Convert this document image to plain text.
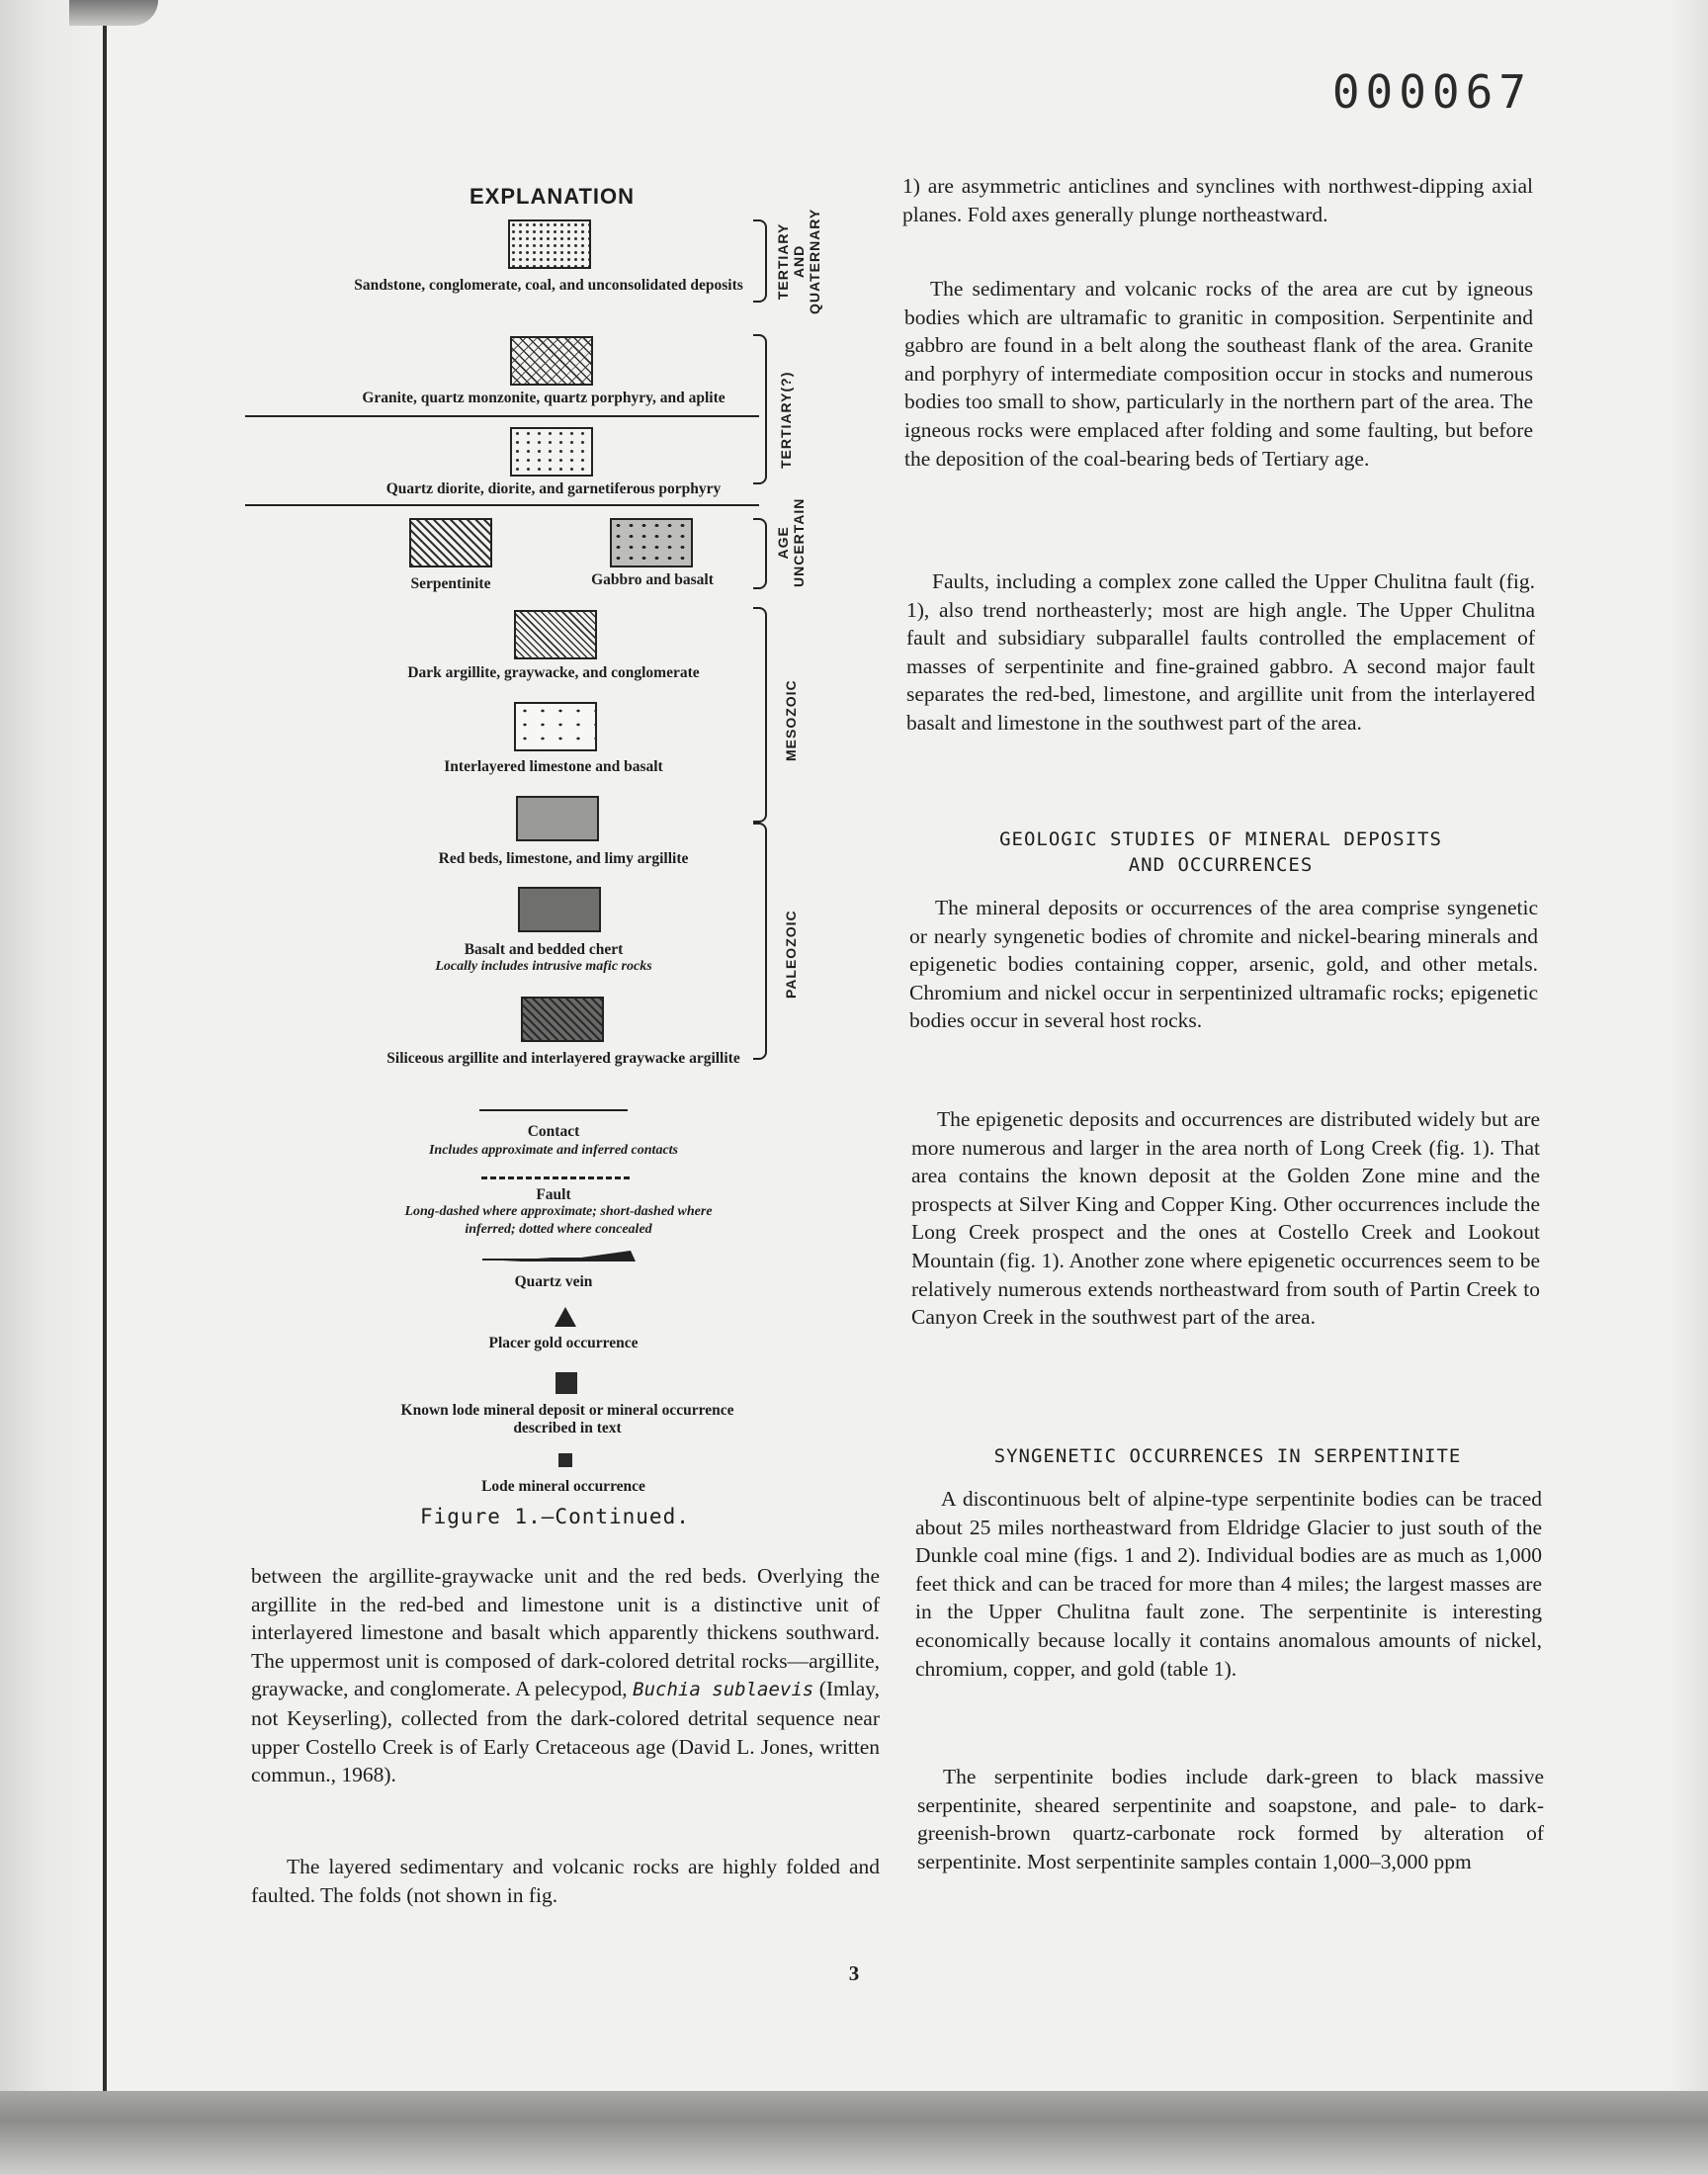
000067
EXPLANATION
Sandstone, conglomerate, coal, and unconsolidated deposits
Granite, quartz monzonite, quartz porphyry, and aplite
Quartz diorite, diorite, and garnetiferous porphyry
Serpentinite	Gabbro and basalt
Dark argillite, graywacke, and conglomerate
Interlayered limestone and basalt
Red beds, limestone, and limy argillite
Basalt and bedded chert
Locally includes intrusive mafic rocks
Siliceous argillite and interlayered graywacke argillite
TERTIARY
AND
QUATERNARY
TERTIARY(?)
AGE
UNCERTAIN
MESOZOIC
PALEOZOIC
Contact
Includes approximate and inferred contacts
Fault
Long-dashed where approximate; short-dashed where inferred; dotted where concealed
Quartz vein
Placer gold occurrence
Known lode mineral deposit or mineral occurrence described in text
Lode mineral occurrence
Figure 1.—Continued.

between the argillite-graywacke unit and the red beds. Overlying the argillite in the red-bed and limestone unit is a distinctive unit of interlayered limestone and basalt which apparently thickens southward. The uppermost unit is composed of dark-colored detrital rocks—argillite, graywacke, and conglomerate. A pelecypod, Buchia sublaevis (Imlay, not Keyserling), collected from the dark-colored detrital sequence near upper Costello Creek is of Early Cretaceous age (David L. Jones, written commun., 1968).

The layered sedimentary and volcanic rocks are highly folded and faulted. The folds (not shown in fig.

1) are asymmetric anticlines and synclines with northwest-dipping axial planes. Fold axes generally plunge northeastward.

The sedimentary and volcanic rocks of the area are cut by igneous bodies which are ultramafic to granitic in composition. Serpentinite and gabbro are found in a belt along the southeast flank of the area. Granite and porphyry of intermediate composition occur in stocks and numerous bodies too small to show, particularly in the northern part of the area. The igneous rocks were emplaced after folding and some faulting, but before the deposition of the coal-bearing beds of Tertiary age.

Faults, including a complex zone called the Upper Chulitna fault (fig. 1), also trend northeasterly; most are high angle. The Upper Chulitna fault and subsidiary subparallel faults controlled the emplacement of masses of serpentinite and fine-grained gabbro. A second major fault separates the red-bed, limestone, and argillite unit from the interlayered basalt and limestone in the southwest part of the area.

GEOLOGIC STUDIES OF MINERAL DEPOSITS
AND OCCURRENCES

The mineral deposits or occurrences of the area comprise syngenetic or nearly syngenetic bodies of chromite and nickel-bearing minerals and epigenetic bodies containing copper, arsenic, gold, and other metals. Chromium and nickel occur in serpentinized ultramafic rocks; epigenetic bodies occur in several host rocks.

The epigenetic deposits and occurrences are distributed widely but are more numerous and larger in the area north of Long Creek (fig. 1). That area contains the known deposit at the Golden Zone mine and the prospects at Silver King and Copper King. Other occurrences include the Long Creek prospect and the ones at Costello Creek and Lookout Mountain (fig. 1). Another zone where epigenetic occurrences seem to be relatively numerous extends northeastward from south of Partin Creek to Canyon Creek in the southwest part of the area.

SYNGENETIC OCCURRENCES IN SERPENTINITE

A discontinuous belt of alpine-type serpentinite bodies can be traced about 25 miles northeastward from Eldridge Glacier to just south of the Dunkle coal mine (figs. 1 and 2). Individual bodies are as much as 1,000 feet thick and can be traced for more than 4 miles; the largest masses are in the Upper Chulitna fault zone. The serpentinite is interesting economically because locally it contains anomalous amounts of nickel, chromium, copper, and gold (table 1).

The serpentinite bodies include dark-green to black massive serpentinite, sheared serpentinite and soapstone, and pale- to dark-greenish-brown quartz-carbonate rock formed by alteration of serpentinite. Most serpentinite samples contain 1,000–3,000 ppm

3
